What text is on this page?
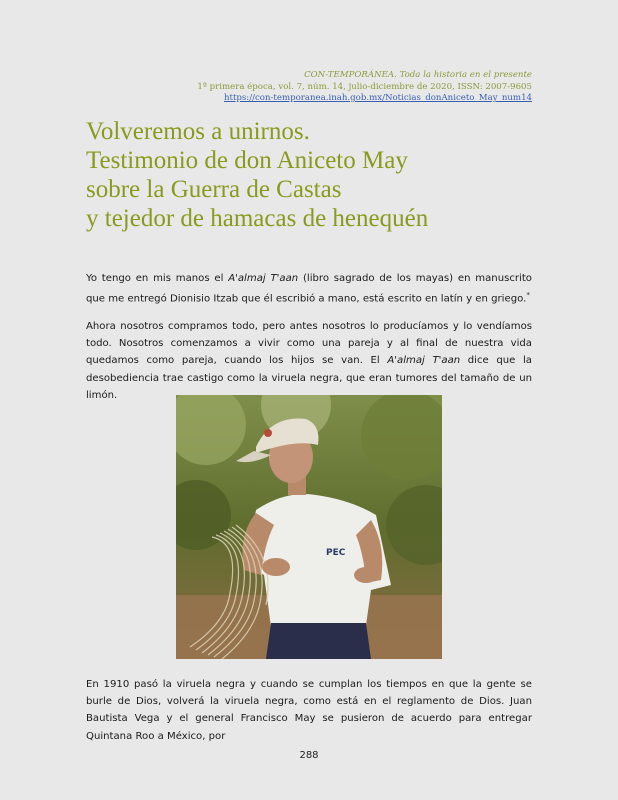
CON-TEMPORÁNEA. Toda la historia en el presente
1ª primera época, vol. 7, núm. 14, julio-diciembre de 2020, ISSN: 2007-9605
https://con-temporanea.inah.gob.mx/Noticias_donAniceto_May_num14
Volveremos a unirnos.
Testimonio de don Aniceto May
sobre la Guerra de Castas
y tejedor de hamacas de henequén

Yo tengo en mis manos el A'almaj T'aan (libro sagrado de los mayas) en manuscrito que me entregó Dionisio Itzab que él escribió a mano, está escrito en latín y en griego.*

Ahora nosotros compramos todo, pero antes nosotros lo producíamos y lo vendíamos todo. Nosotros comenzamos a vivir como una pareja y al final de nuestra vida quedamos como pareja, cuando los hijos se van. El A'almaj T'aan dice que la desobediencia trae castigo como la viruela negra, que eran tumores del tamaño de un limón.

PEC

En 1910 pasó la viruela negra y cuando se cumplan los tiempos en que la gente se burle de Dios, volverá la viruela negra, como está en el reglamento de Dios. Juan Bautista Vega y el general Francisco May se pusieron de acuerdo para entregar Quintana Roo a México, por

288
